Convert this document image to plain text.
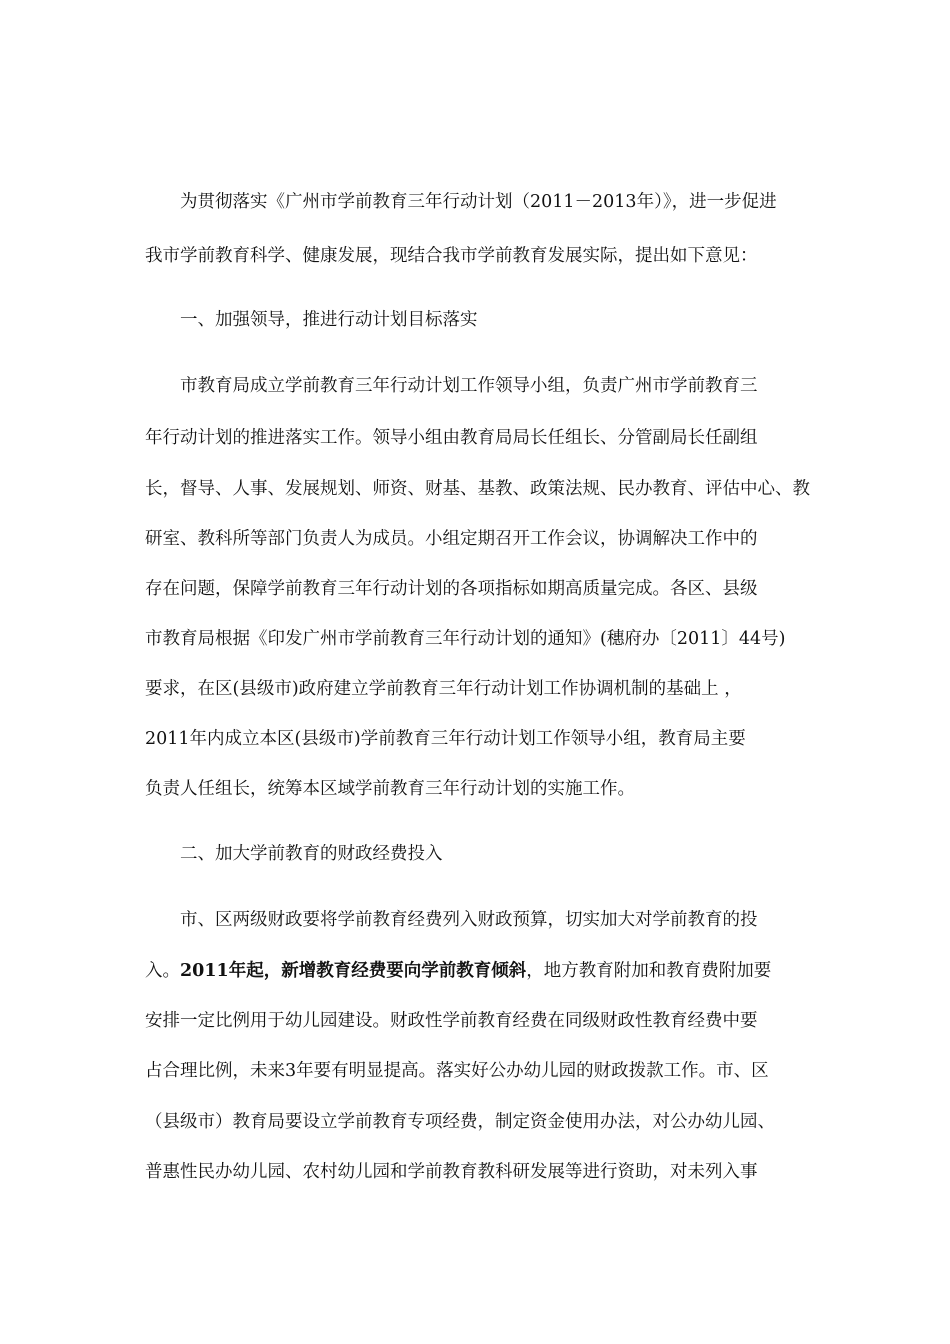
为贯彻落实《广州市学前教育三年行动计划（2011－2013年）》，进一步促进
我市学前教育科学、健康发展，现结合我市学前教育发展实际，提出如下意见：
一、加强领导，推进行动计划目标落实
市教育局成立学前教育三年行动计划工作领导小组，负责广州市学前教育三
年行动计划的推进落实工作。领导小组由教育局局长任组长、分管副局长任副组
长，督导、人事、发展规划、师资、财基、基教、政策法规、民办教育、评估中心、教
研室、教科所等部门负责人为成员。小组定期召开工作会议，协调解决工作中的
存在问题，保障学前教育三年行动计划的各项指标如期高质量完成。各区、县级
市教育局根据《印发广州市学前教育三年行动计划的通知》(穗府办〔2011〕44号)
要求，在区(县级市)政府建立学前教育三年行动计划工作协调机制的基础上 ，
2011年内成立本区(县级市)学前教育三年行动计划工作领导小组，教育局主要
负责人任组长，统筹本区域学前教育三年行动计划的实施工作。
二、加大学前教育的财政经费投入
市、区两级财政要将学前教育经费列入财政预算，切实加大对学前教育的投
入。2011年起，新增教育经费要向学前教育倾斜，地方教育附加和教育费附加要
安排一定比例用于幼儿园建设。财政性学前教育经费在同级财政性教育经费中要
占合理比例，未来3年要有明显提高。落实好公办幼儿园的财政拨款工作。市、区
（县级市）教育局要设立学前教育专项经费，制定资金使用办法，对公办幼儿园、
普惠性民办幼儿园、农村幼儿园和学前教育教科研发展等进行资助，对未列入事
